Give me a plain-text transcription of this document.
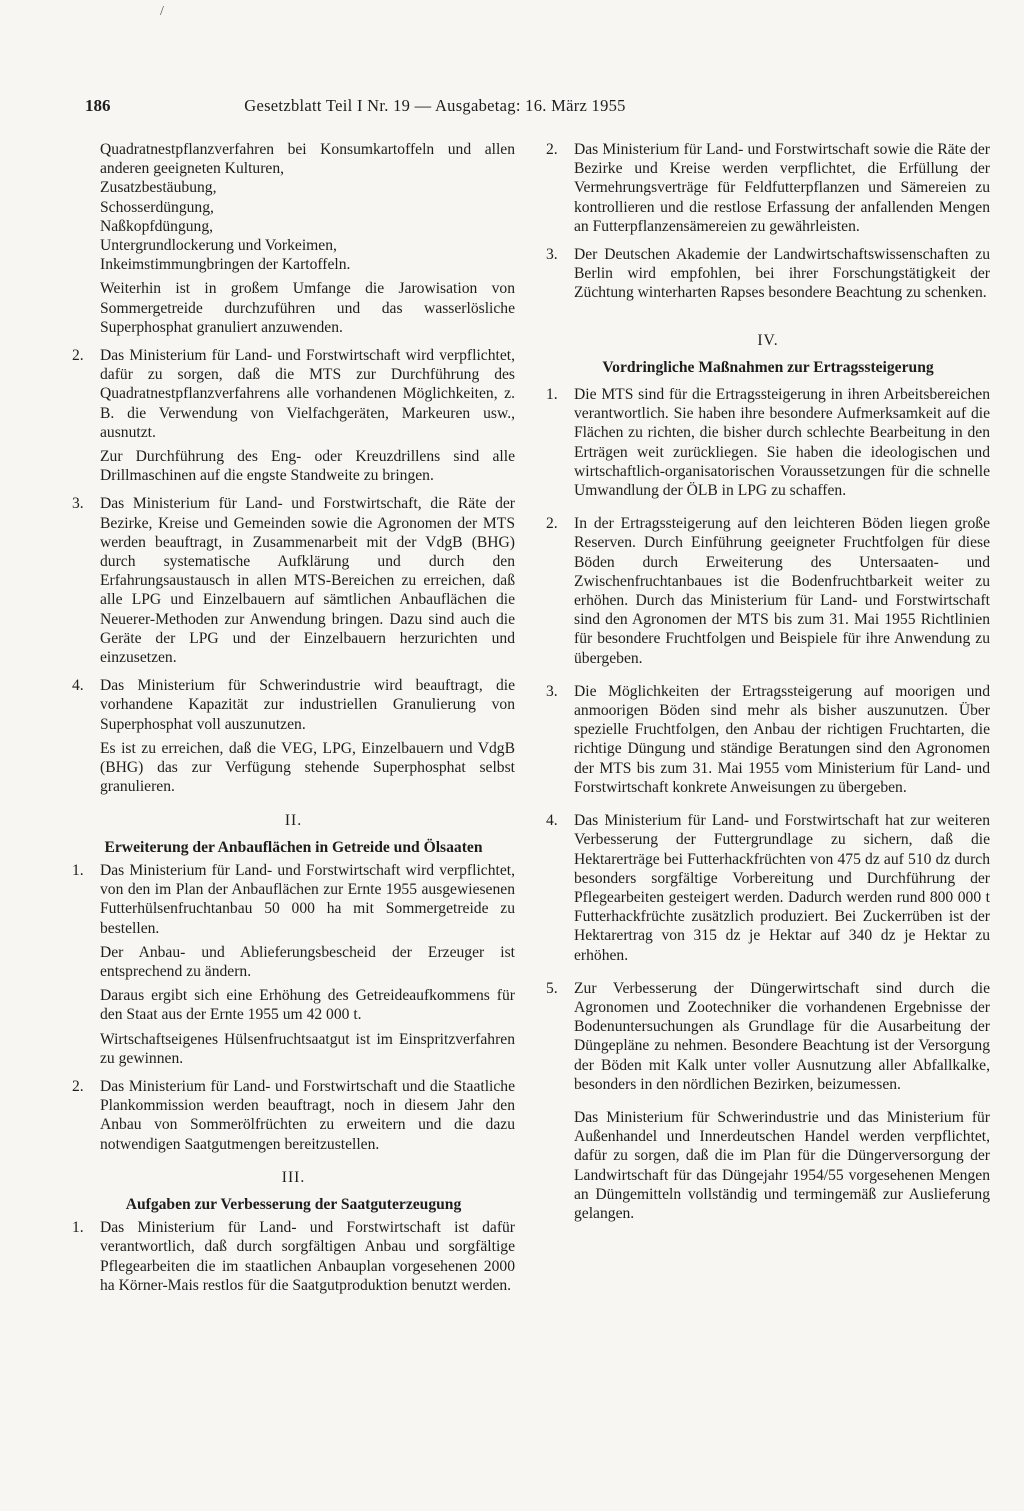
186	Gesetzblatt Teil I Nr. 19 — Ausgabetag: 16. März 1955
/
Quadratnestpflanzverfahren bei Konsumkartoffeln und allen anderen geeigneten Kulturen,
Zusatzbestäubung,
Schosserdüngung,
Naßkopfdüngung,
Untergrundlockerung und Vorkeimen,
Inkeimstimmungbringen der Kartoffeln.
Weiterhin ist in großem Umfange die Jarowisation von Sommergetreide durchzuführen und das wasserlösliche Superphosphat granuliert anzuwenden.
2. Das Ministerium für Land- und Forstwirtschaft wird verpflichtet, dafür zu sorgen, daß die MTS zur Durchführung des Quadratnestpflanzverfahrens alle vorhandenen Möglichkeiten, z. B. die Verwendung von Vielfachgeräten, Markeuren usw., ausnutzt.
Zur Durchführung des Eng- oder Kreuzdrillens sind alle Drillmaschinen auf die engste Standweite zu bringen.
3. Das Ministerium für Land- und Forstwirtschaft, die Räte der Bezirke, Kreise und Gemeinden sowie die Agronomen der MTS werden beauftragt, in Zusammenarbeit mit der VdgB (BHG) durch systematische Aufklärung und durch den Erfahrungsaustausch in allen MTS-Bereichen zu erreichen, daß alle LPG und Einzelbauern auf sämtlichen Anbauflächen die Neuerer-Methoden zur Anwendung bringen. Dazu sind auch die Geräte der LPG und der Einzelbauern herzurichten und einzusetzen.
4. Das Ministerium für Schwerindustrie wird beauftragt, die vorhandene Kapazität zur industriellen Granulierung von Superphosphat voll auszunutzen.
Es ist zu erreichen, daß die VEG, LPG, Einzelbauern und VdgB (BHG) das zur Verfügung stehende Superphosphat selbst granulieren.
II.
Erweiterung der Anbauflächen in Getreide und Ölsaaten
1. Das Ministerium für Land- und Forstwirtschaft wird verpflichtet, von den im Plan der Anbauflächen zur Ernte 1955 ausgewiesenen Futterhülsenfruchtanbau 50 000 ha mit Sommergetreide zu bestellen.
Der Anbau- und Ablieferungsbescheid der Erzeuger ist entsprechend zu ändern.
Daraus ergibt sich eine Erhöhung des Getreideaufkommens für den Staat aus der Ernte 1955 um 42 000 t.
Wirtschaftseigenes Hülsenfruchtsaatgut ist im Einspritzverfahren zu gewinnen.
2. Das Ministerium für Land- und Forstwirtschaft und die Staatliche Plankommission werden beauftragt, noch in diesem Jahr den Anbau von Sommerölfrüchten zu erweitern und die dazu notwendigen Saatgutmengen bereitzustellen.
III.
Aufgaben zur Verbesserung der Saatguterzeugung
1. Das Ministerium für Land- und Forstwirtschaft ist dafür verantwortlich, daß durch sorgfältigen Anbau und sorgfältige Pflegearbeiten die im staatlichen Anbauplan vorgesehenen 2000 ha Körner-Mais restlos für die Saatgutproduktion benutzt werden.
2. Das Ministerium für Land- und Forstwirtschaft sowie die Räte der Bezirke und Kreise werden verpflichtet, die Erfüllung der Vermehrungsverträge für Feldfutterpflanzen und Sämereien zu kontrollieren und die restlose Erfassung der anfallenden Mengen an Futterpflanzensämereien zu gewährleisten.
3. Der Deutschen Akademie der Landwirtschaftswissenschaften zu Berlin wird empfohlen, bei ihrer Forschungstätigkeit der Züchtung winterharten Rapses besondere Beachtung zu schenken.
IV.
Vordringliche Maßnahmen zur Ertragssteigerung
1. Die MTS sind für die Ertragssteigerung in ihren Arbeitsbereichen verantwortlich. Sie haben ihre besondere Aufmerksamkeit auf die Flächen zu richten, die bisher durch schlechte Bearbeitung in den Erträgen weit zurückliegen. Sie haben die ideologischen und wirtschaftlich-organisatorischen Voraussetzungen für die schnelle Umwandlung der ÖLB in LPG zu schaffen.
2. In der Ertragssteigerung auf den leichteren Böden liegen große Reserven. Durch Einführung geeigneter Fruchtfolgen für diese Böden durch Erweiterung des Untersaaten- und Zwischenfruchtanbaues ist die Bodenfruchtbarkeit weiter zu erhöhen. Durch das Ministerium für Land- und Forstwirtschaft sind den Agronomen der MTS bis zum 31. Mai 1955 Richtlinien für besondere Fruchtfolgen und Beispiele für ihre Anwendung zu übergeben.
3. Die Möglichkeiten der Ertragssteigerung auf moorigen und anmoorigen Böden sind mehr als bisher auszunutzen. Über spezielle Fruchtfolgen, den Anbau der richtigen Fruchtarten, die richtige Düngung und ständige Beratungen sind den Agronomen der MTS bis zum 31. Mai 1955 vom Ministerium für Land- und Forstwirtschaft konkrete Anweisungen zu übergeben.
4. Das Ministerium für Land- und Forstwirtschaft hat zur weiteren Verbesserung der Futtergrundlage zu sichern, daß die Hektarerträge bei Futterhackfrüchten von 475 dz auf 510 dz durch besonders sorgfältige Vorbereitung und Durchführung der Pflegearbeiten gesteigert werden. Dadurch werden rund 800 000 t Futterhackfrüchte zusätzlich produziert. Bei Zuckerrüben ist der Hektarertrag von 315 dz je Hektar auf 340 dz je Hektar zu erhöhen.
5. Zur Verbesserung der Düngerwirtschaft sind durch die Agronomen und Zootechniker die vorhandenen Ergebnisse der Bodenuntersuchungen als Grundlage für die Ausarbeitung der Düngepläne zu nehmen. Besondere Beachtung ist der Versorgung der Böden mit Kalk unter voller Ausnutzung aller Abfallkalke, besonders in den nördlichen Bezirken, beizumessen.
Das Ministerium für Schwerindustrie und das Ministerium für Außenhandel und Innerdeutschen Handel werden verpflichtet, dafür zu sorgen, daß die im Plan für die Düngerversorgung der Landwirtschaft für das Düngejahr 1954/55 vorgesehenen Mengen an Düngemitteln vollständig und termingemäß zur Auslieferung gelangen.
